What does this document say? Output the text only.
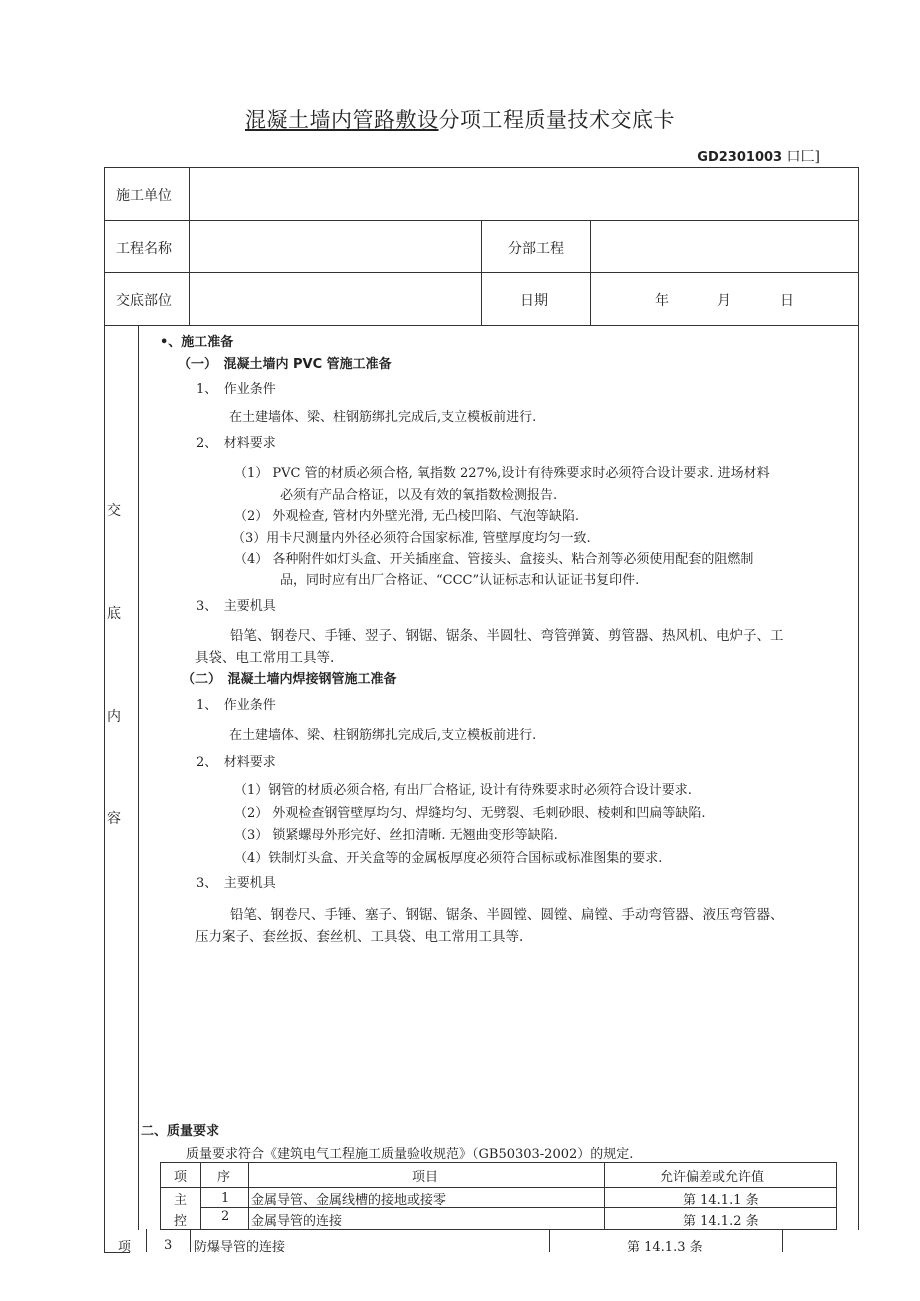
混凝土墙内管路敷设分项工程质量技术交底卡
GD2301003 口匚]
施工单位
工程名称	分部工程
交底部位	日期	年	月	日
交
底
内
容
•、施工准备
（一）　混凝土墙内 PVC 管施工准备
1、　作业条件
在土建墙体、梁、柱钢筋绑扎完成后,支立模板前进行.
2、　材料要求
（1） PVC 管的材质必须合格, 氧指数 227%,设计有待殊要求时必须符合设计要求. 进场材料
必须有产品合格证，以及有效的氧指数检测报告.
（2） 外观检查, 管材内外壁光滑, 无凸棱凹陷、气泡等缺陷.
（3）用卡尺测量内外径必须符合国家标准, 管壁厚度均匀一致.
（4） 各种附件如灯头盒、开关插座盒、管接头、盒接头、粘合剂等必须使用配套的阻燃制
品，同时应有出厂合格证、“CCC”认证标志和认证证书复印件.
3、　主要机具
铅笔、钢卷尺、手锤、翌子、钢锯、锯条、半圆牡、弯管弹簧、剪管器、热风机、电炉子、工
具袋、电工常用工具等.
（二）　混凝土墙内焊接钢管施工准备
1、　作业条件
在土建墙体、梁、柱钢筋绑扎完成后,支立模板前进行.
2、　材料要求
（1）钢管的材质必须合格, 有出厂合格证, 设计有待殊要求时必须符合设计要求.
（2） 外观检查钢管壁厚均匀、焊缝均匀、无劈裂、毛刺砂眼、棱刺和凹扁等缺陷.
（3） 锁紧螺母外形完好、丝扣清晰. 无翘曲变形等缺陷.
（4）铁制灯头盒、开关盒等的金属板厚度必须符合国标或标准图集的要求.
3、　主要机具
铅笔、钢卷尺、手锤、塞子、钢锯、锯条、半圆镗、圆镗、扁镗、手动弯管器、液压弯管器、
压力案子、套丝扳、套丝机、工具袋、电工常用工具等.
二、质量要求
质量要求符合《建筑电气工程施工质量验收规范》（GB50303-2002）的规定.
项 序	项目	允许偏差或允许值
主
控
项
1 金属导管、金属线槽的接地或接零	第 14.1.1 条
2 金属导管的连接	第 14.1.2 条
3 防爆导管的连接	第 14.1.3 条
